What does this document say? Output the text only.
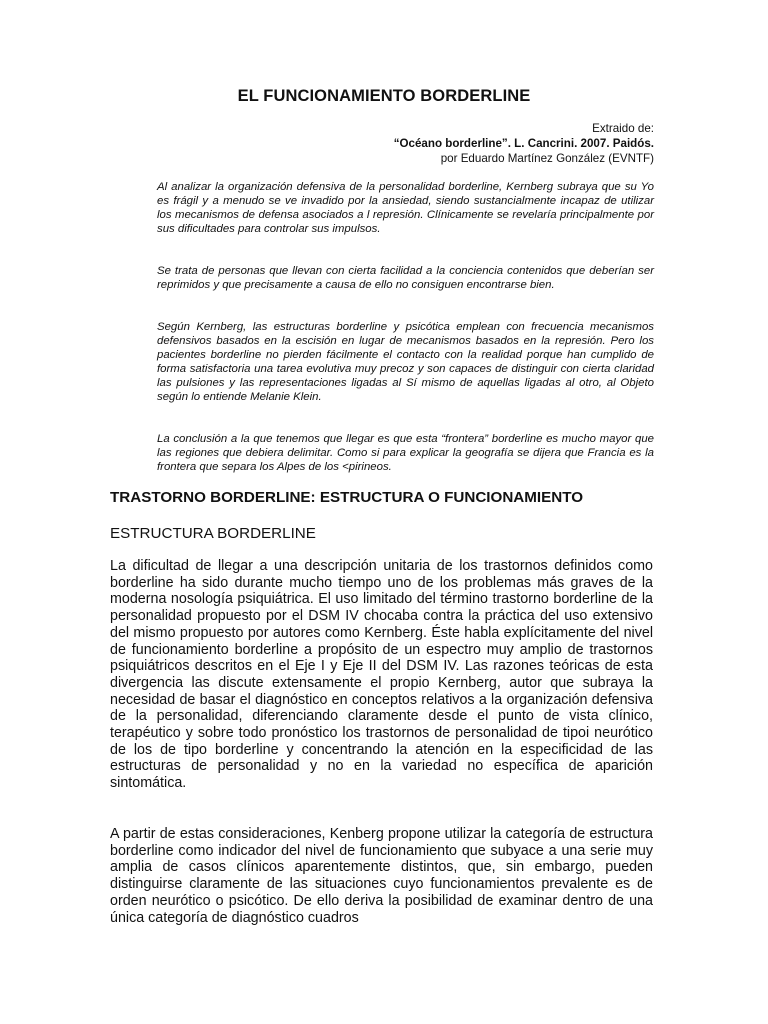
EL FUNCIONAMIENTO BORDERLINE
Extraido de:
“Océano borderline”. L. Cancrini. 2007. Paidós.
por Eduardo Martínez González (EVNTF)

Al analizar la organización defensiva de la personalidad borderline, Kernberg subraya que su Yo es frágil y a menudo se ve invadido por la ansiedad, siendo sustancialmente incapaz de utilizar los mecanismos de defensa asociados a l represión. Clínicamente se revelaría principalmente por sus dificultades para controlar sus impulsos.

Se trata de personas que llevan con cierta facilidad a la conciencia contenidos que deberían ser reprimidos y que precisamente a causa de ello no consiguen encontrarse bien.

Según Kernberg, las estructuras borderline y psicótica emplean con frecuencia mecanismos defensivos basados en la escisión en lugar de mecanismos basados en la represión. Pero los pacientes borderline no pierden fácilmente el contacto con la realidad porque han cumplido de forma satisfactoria una tarea evolutiva muy precoz y son capaces de distinguir con cierta claridad las pulsiones y las representaciones ligadas al Sí mismo de aquellas ligadas al otro, al Objeto según lo entiende Melanie Klein.

La conclusión a la que tenemos que llegar es que esta “frontera” borderline es mucho mayor que las regiones que debiera delimitar. Como si para explicar la geografía se dijera que Francia es la frontera que separa los Alpes de los <pirineos.

TRASTORNO BORDERLINE: ESTRUCTURA O FUNCIONAMIENTO
ESTRUCTURA BORDERLINE

La dificultad de llegar a una descripción unitaria de los trastornos definidos como borderline ha sido durante mucho tiempo uno de los problemas más graves de la moderna nosología psiquiátrica. El uso limitado del término trastorno borderline de la personalidad propuesto por el DSM IV chocaba contra la práctica del uso extensivo del mismo propuesto por autores como Kernberg. Éste habla explícitamente del nivel de funcionamiento borderline a propósito de un espectro muy amplio de trastornos psiquiátricos descritos en el Eje I y Eje II del DSM IV. Las razones teóricas de esta divergencia las discute extensamente el propio Kernberg, autor que subraya la necesidad de basar el diagnóstico en conceptos relativos a la organización defensiva de la personalidad, diferenciando claramente desde el punto de vista clínico, terapéutico y sobre todo pronóstico los trastornos de personalidad de tipoi neurótico de los de tipo borderline y concentrando la atención en la especificidad de las estructuras de personalidad y no en la variedad no específica de aparición sintomática.

A partir de estas consideraciones, Kenberg propone utilizar la categoría de estructura borderline como indicador del nivel de funcionamiento que subyace a una serie muy amplia de casos clínicos aparentemente distintos, que, sin embargo, pueden distinguirse claramente de las situaciones cuyo funcionamientos prevalente es de orden neurótico o psicótico. De ello deriva la posibilidad de examinar dentro de una única categoría de diagnóstico cuadros
